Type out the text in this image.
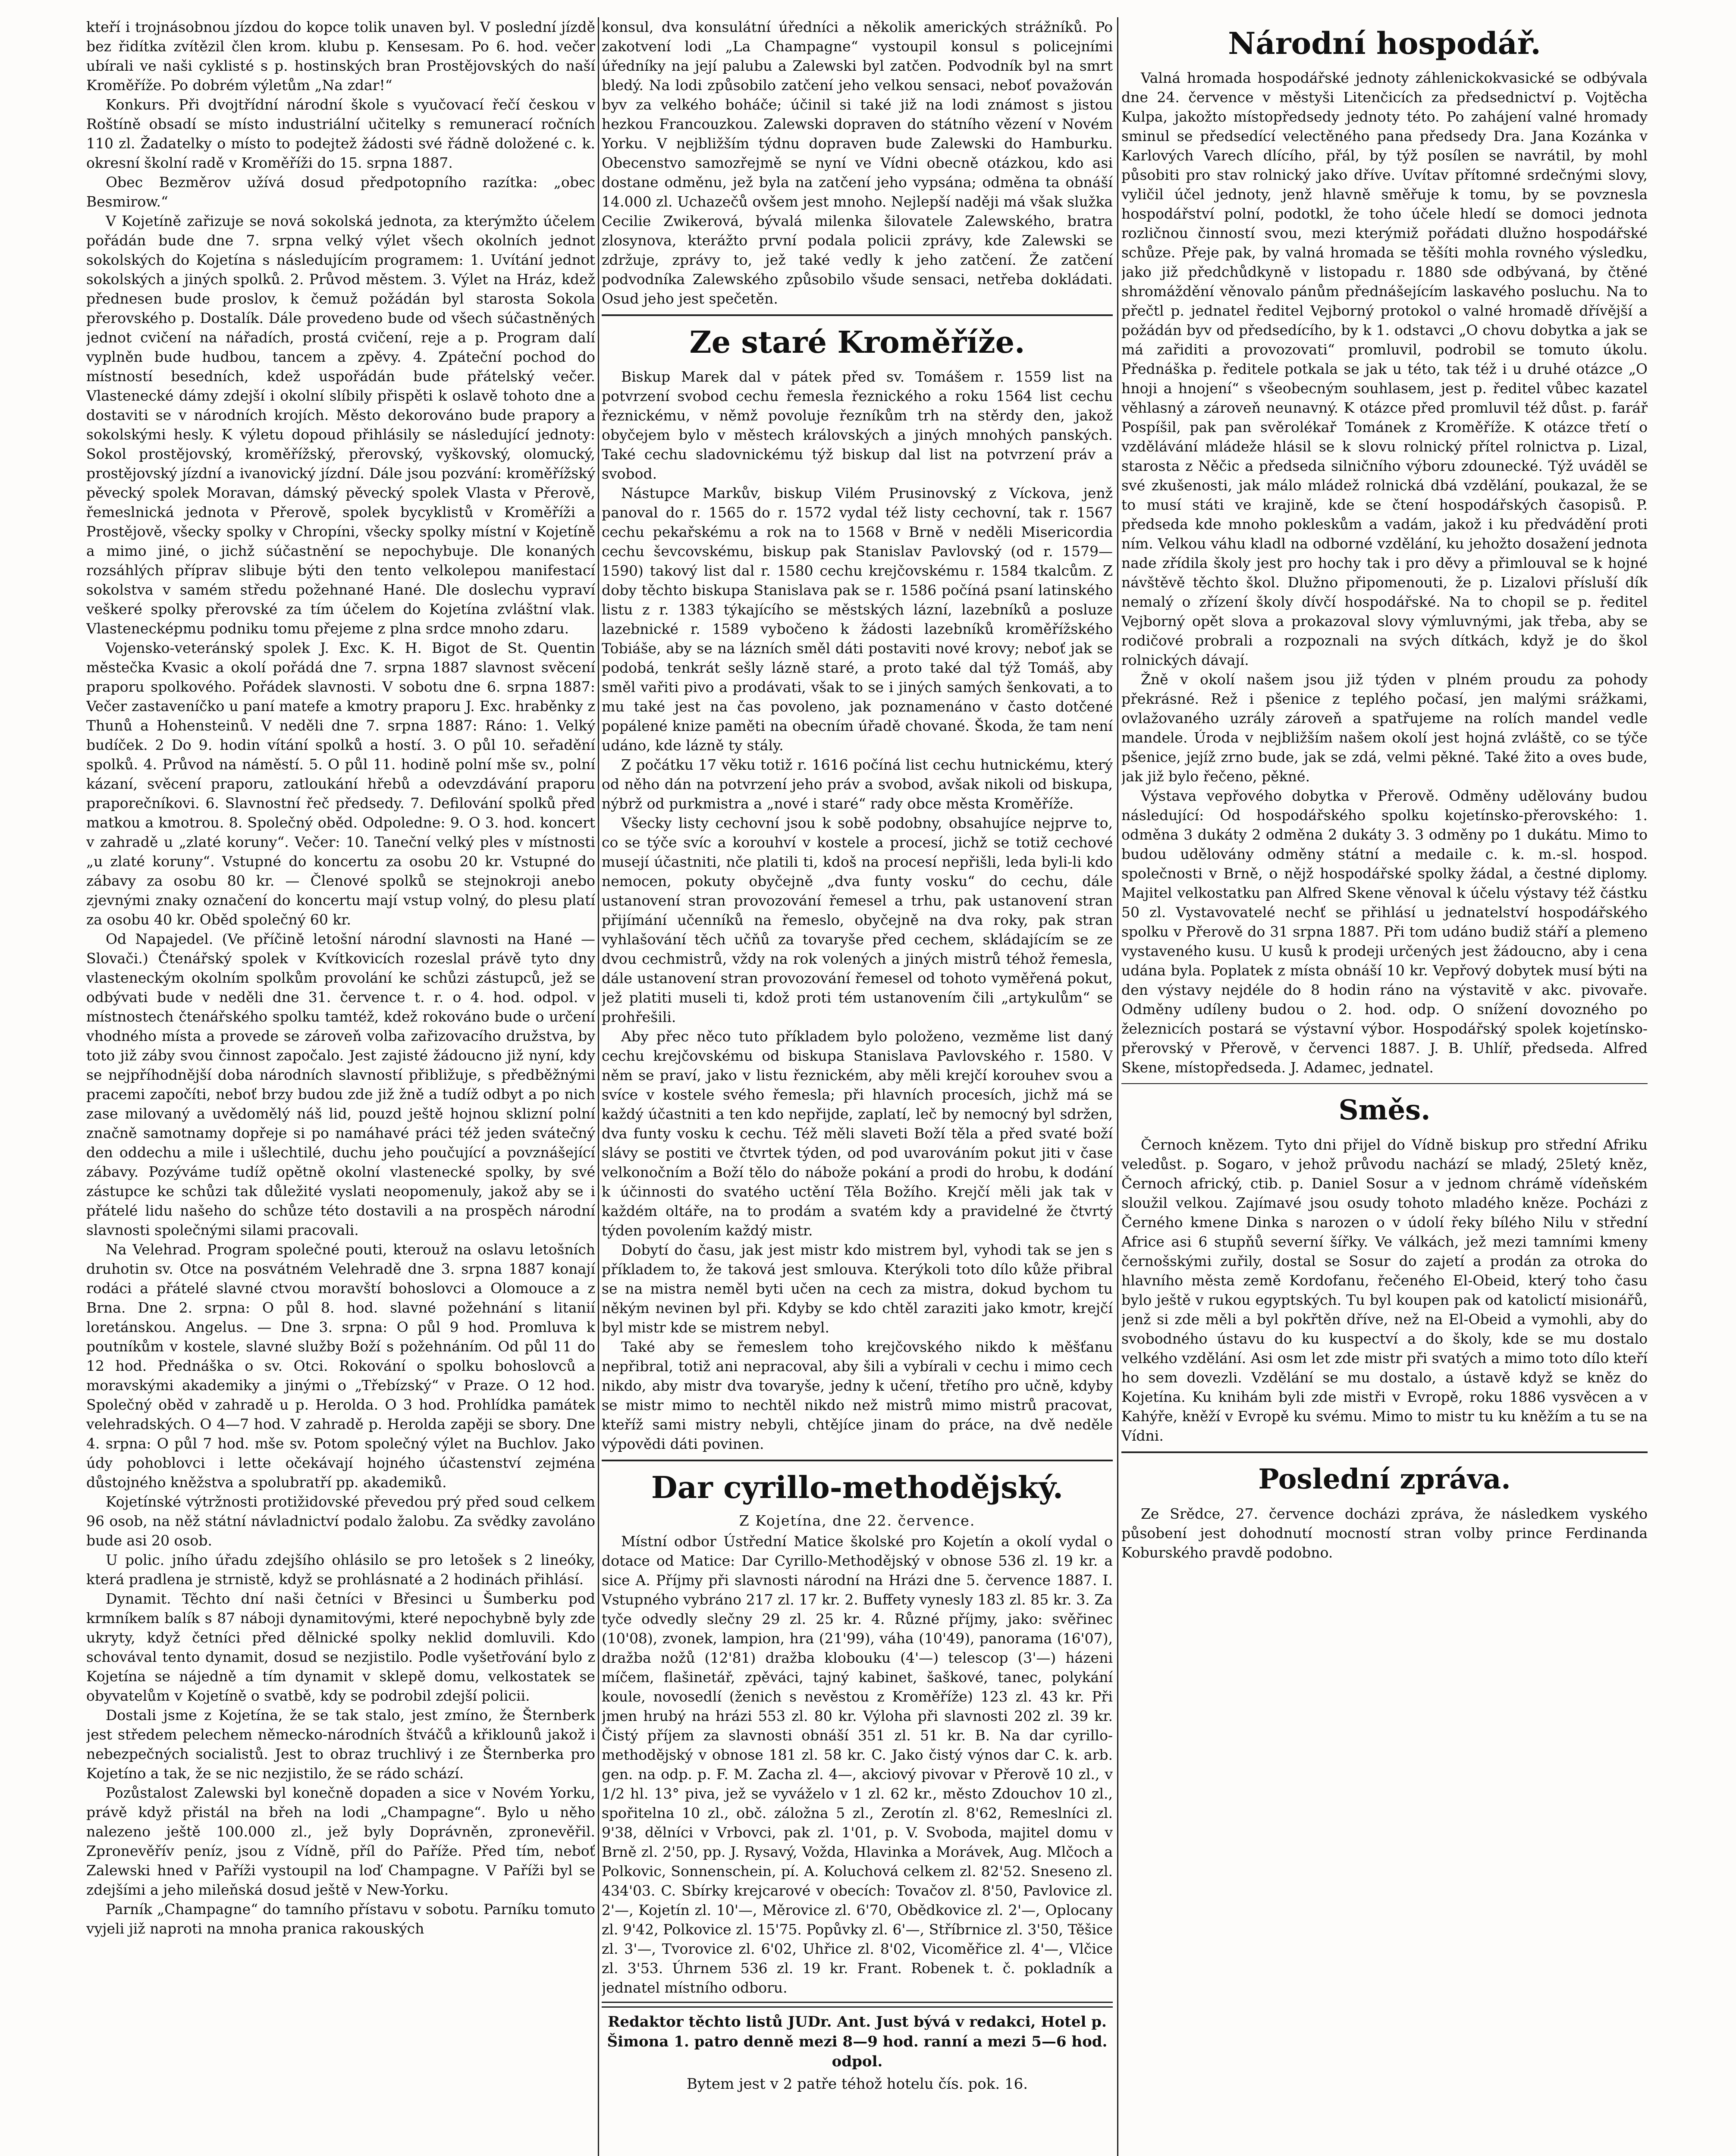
kteří i trojnásobnou jízdou do kopce tolik unaven byl. V poslední jízdě bez řidítka zvítězil člen krom. klubu p. Kensesam. Po 6. hod. večer ubírali ve naši cyklisté s p. hostinských bran Prostějovských do naší Kroměříže. Po dobrém výletům „Na zdar!“

Konkurs. Při dvojtřídní národní škole s vyučovací řečí českou v Roštíně obsadí se místo industriální učitelky s remunerací ročních 110 zl. Žadatelky o místo to podejtež žádosti své řádně doložené c. k. okresní školní radě v Kroměříži do 15. srpna 1887.

Obec Bezměrov užívá dosud předpotopního razítka: „obec Besmirow.“

V Kojetíně zařizuje se nová sokolská jednota, za kterýmžto účelem pořádán bude dne 7. srpna velký výlet všech okolních jednot sokolských do Kojetína s následujícím programem: 1. Uvítání jednot sokolských a jiných spolků. 2. Průvod městem. 3. Výlet na Hráz, kdež přednesen bude proslov, k čemuž požádán byl starosta Sokola přerovského p. Dostalík. Dále provedeno bude od všech súčastněných jednot cvičení na nářadích, prostá cvičení, reje a p. Program dalí vyplněn bude hudbou, tancem a zpěvy. 4. Zpáteční pochod do místností besedních, kdež uspořádán bude přátelský večer. Vlastenecké dámy zdejší i okolní slíbily přispěti k oslavě tohoto dne a dostaviti se v národních krojích. Město dekorováno bude prapory a sokolskými hesly. K výletu dopoud přihlásily se následující jednoty: Sokol prostějovský, kroměřížský, přerovský, vyškovský, olomucký, prostějovský jízdní a ivanovický jízdní. Dále jsou pozvání: kroměřížský pěvecký spolek Moravan, dámský pěvecký spolek Vlasta v Přerově, řemeslnická jednota v Přerově, spolek bycyklistů v Kroměříži a Prostějově, všecky spolky v Chropíni, všecky spolky místní v Kojetíně a mimo jiné, o jichž súčastnění se nepochybuje. Dle konaných rozsáhlých příprav slibuje býti den tento velkolepou manifestací sokolstva v samém středu požehnané Hané. Dle doslechu vypraví veškeré spolky přerovské za tím účelem do Kojetína zvláštní vlak. Vlastenecképmu podniku tomu přejeme z plna srdce mnoho zdaru.

Vojensko-veteránský spolek J. Exc. K. H. Bigot de St. Quentin městečka Kvasic a okolí pořádá dne 7. srpna 1887 slavnost svěcení praporu spolkového. Pořádek slavnosti. V sobotu dne 6. srpna 1887: Večer zastaveníčko u paní matefe a kmotry praporu J. Exc. hraběnky z Thunů a Hohensteinů. V neděli dne 7. srpna 1887: Ráno: 1. Velký budíček. 2 Do 9. hodin vítání spolků a hostí. 3. O půl 10. seřadění spolků. 4. Průvod na náměstí. 5. O půl 11. hodině polní mše sv., polní kázaní, svěcení praporu, zatloukání hřebů a odevzdávání praporu praporečníkovi. 6. Slavnostní řeč předsedy. 7. Defilování spolků před matkou a kmotrou. 8. Společný oběd. Odpoledne: 9. O 3. hod. koncert v zahradě u „zlaté koruny“. Večer: 10. Taneční velký ples v místnosti „u zlaté koruny“. Vstupné do koncertu za osobu 20 kr. Vstupné do zábavy za osobu 80 kr. — Členové spolků se stejnokroji anebo zjevnými znaky označení do koncertu mají vstup volný, do plesu platí za osobu 40 kr. Oběd společný 60 kr.

Od Napajedel. (Ve příčině letošní národní slavnosti na Hané — Slovači.) Čtenářský spolek v Kvítkovicích rozeslal právě tyto dny vlasteneckým okolním spolkům provolání ke schůzi zástupců, jež se odbývati bude v neděli dne 31. července t. r. o 4. hod. odpol. v místnostech čtenářského spolku tamtéž, kdež rokováno bude o určení vhodného místa a provede se zároveň volba zařizovacího družstva, by toto již záby svou činnost započalo. Jest zajisté žádoucno již nyní, kdy se nejpříhodnější doba národních slavností přibližuje, s předběžnými pracemi započíti, neboť brzy budou zde již žně a tudíž odbyt a po nich zase milovaný a uvědomělý náš lid, pouzd ještě hojnou sklizní polní značně samotnamy dopřeje si po namáhavé práci též jeden svátečný den oddechu a mile i ušlechtilé, duchu jeho poučující a povznášející zábavy. Pozýváme tudíž opětně okolní vlastenecké spolky, by své zástupce ke schůzi tak důležité vyslati neopomenuly, jakož aby se i přátelé lidu našeho do schůze této dostavili a na prospěch národní slavnosti společnými silami pracovali.

Na Velehrad. Program společné pouti, kterouž na oslavu letošních druhotin sv. Otce na posvátném Velehradě dne 3. srpna 1887 konají rodáci a přátelé slavné ctvou moravští bohoslovci a Olomouce a z Brna. Dne 2. srpna: O půl 8. hod. slavné požehnání s litanií loretánskou. Angelus. — Dne 3. srpna: O půl 9 hod. Promluva k poutníkům v kostele, slavné služby Boží s požehnáním. Od půl 11 do 12 hod. Přednáška o sv. Otci. Rokování o spolku bohoslovců a moravskými akademiky a jinými o „Třebízský“ v Praze. O 12 hod. Společný oběd v zahradě u p. Herolda. O 3 hod. Prohlídka památek velehradských. O 4—7 hod. V zahradě p. Herolda zapěji se sbory. Dne 4. srpna: O půl 7 hod. mše sv. Potom společný výlet na Buchlov. Jako údy pohoblovci i lette očekávají hojného účastenství zejména důstojného kněžstva a spolubratří pp. akademiků.

Kojetínské výtržnosti protižidovské převedou prý před soud celkem 96 osob, na něž státní návladnictví podalo žalobu. Za svědky zavoláno bude asi 20 osob.

U polic. jního úřadu zdejšího ohlásilo se pro letošek s 2 lineóky, která pradlena je strnistě, když se prohlásnaté a 2 hodinách přihlásí.

Dynamit. Těchto dní naši četníci v Břesinci u Šumberku pod krmníkem balík s 87 náboji dynamitovými, které nepochybně byly zde ukryty, když četníci před dělnické spolky neklid domluvili. Kdo schovával tento dynamit, dosud se nezjistilo. Podle vyšetřování bylo z Kojetína se nájedně a tím dynamit v sklepě domu, velkostatek se obyvatelům v Kojetíně o svatbě, kdy se podrobil zdejší policii.

Dostali jsme z Kojetína, že se tak stalo, jest zmíno, že Šternberk jest středem pelechem německo-národních štváčů a křiklounů jakož i nebezpečných socialistů. Jest to obraz truchlivý i ze Šternberka pro Kojetíno a tak, že se nic nezjistilo, že se rádo schází.

Pozůstalost Zalewski byl konečně dopaden a sice v Novém Yorku, právě když přistál na břeh na lodi „Champagne“. Bylo u něho nalezeno ještě 100.000 zl., jež byly Doprávněn, zpronevěřil. Zpronevěřív peníz, jsou z Vídně, příl do Paříže. Před tím, neboť Zalewski hned v Paříži vystoupil na loď Champagne. V Paříži byl se zdejšími a jeho mileňská dosud ještě v New-Yorku.

Parník „Champagne“ do tamního přístavu v sobotu. Parníku tomuto vyjeli již naproti na mnoha pranica rakouských

konsul, dva konsulátní úředníci a několik amerických strážníků. Po zakotvení lodi „La Champagne“ vystoupil konsul s policejními úředníky na její palubu a Zalewski byl zatčen. Podvodník byl na smrt bledý. Na lodi způsobilo zatčení jeho velkou sensaci, neboť považován byv za velkého boháče; účinil si také již na lodi známost s jistou hezkou Francouzkou. Zalewski dopraven do státního vězení v Novém Yorku. V nejbližším týdnu dopraven bude Zalewski do Hamburku. Obecenstvo samozřejmě se nyní ve Vídni obecně otázkou, kdo asi dostane odměnu, jež byla na zatčení jeho vypsána; odměna ta obnáší 14.000 zl. Uchazečů ovšem jest mnoho. Nejlepší naději má však služka Cecilie Zwikerová, bývalá milenka šilovatele Zalewského, bratra zlosynova, kterážto první podala policii zprávy, kde Zalewski se zdržuje, zprávy to, jež také vedly k jeho zatčení. Že zatčení podvodníka Zalewského způsobilo všude sensaci, netřeba dokládati. Osud jeho jest spečetěn.

Ze staré Kroměříže.

Biskup Marek dal v pátek před sv. Tomášem r. 1559 list na potvrzení svobod cechu řemesla řeznického a roku 1564 list cechu řeznickému, v němž povoluje řezníkům trh na stěrdy den, jakož obyčejem bylo v městech královských a jiných mnohých panských. Také cechu sladovnickému týž biskup dal list na potvrzení práv a svobod.

Nástupce Markův, biskup Vilém Prusinovský z Víckova, jenž panoval do r. 1565 do r. 1572 vydal též listy cechovní, tak r. 1567 cechu pekařskému a rok na to 1568 v Brně v neděli Misericordia cechu ševcovskému, biskup pak Stanislav Pavlovský (od r. 1579—1590) takový list dal r. 1580 cechu krejčovskému r. 1584 tkalcům. Z doby těchto biskupa Stanislava pak se r. 1586 počíná psaní latinského listu z r. 1383 týkajícího se městských lázní, lazebníků a posluze lazebnické r. 1589 vybočeno k žádosti lazebníků kroměřížského Tobiáše, aby se na lázních směl dáti postaviti nové krovy; neboť jak se podobá, tenkrát sešly lázně staré, a proto také dal týž Tomáš, aby směl vařiti pivo a prodávati, však to se i jiných samých šenkovati, a to mu také jest na čas povoleno, jak poznamenáno v často dotčené popálené knize paměti na obecním úřadě chované. Škoda, že tam není udáno, kde lázně ty stály.

Z počátku 17 věku totiž r. 1616 počíná list cechu hutnickému, který od něho dán na potvrzení jeho práv a svobod, avšak nikoli od biskupa, nýbrž od purkmistra a „nové i staré“ rady obce města Kroměříže.

Všecky listy cechovní jsou k sobě podobny, obsahujíce nejprve to, co se týče svíc a korouhví v kostele a procesí, jichž se totiž cechové musejí účastniti, nče platili ti, kdoš na procesí nepřišli, leda byli-li kdo nemocen, pokuty obyčejně „dva funty vosku“ do cechu, dále ustanovení stran provozování řemesel a trhu, pak ustanovení stran přijímání učenníků na řemeslo, obyčejně na dva roky, pak stran vyhlašování těch učňů za tovaryše před cechem, skládajícím se ze dvou cechmistrů, vždy na rok volených a jiných mistrů téhož řemesla, dále ustanovení stran provozování řemesel od tohoto vyměřená pokut, jež platiti museli ti, kdož proti tém ustanovením čili „artykulům“ se prohřešili.

Aby přec něco tuto příkladem bylo položeno, vezměme list daný cechu krejčovskému od biskupa Stanislava Pavlovského r. 1580. V něm se praví, jako v listu řeznickém, aby měli krejčí korouhev svou a svíce v kostele svého řemesla; při hlavních procesích, jichž má se každý účastniti a ten kdo nepřijde, zaplatí, leč by nemocný byl sdržen, dva funty vosku k cechu. Též měli slaveti Boží těla a před svaté boží slávy se postiti ve čtvrtek týden, od pod uvarováním pokut jiti v čase velkonočním a Boží tělo do nábože pokání a prodi do hrobu, k dodání k účinnosti do svatého uctění Těla Božího. Krejčí měli jak tak v každém oltáře, na to prodám a svatém kdy a pravidelné že čtvrtý týden povolením každý mistr.

Dobytí do času, jak jest mistr kdo mistrem byl, vyhodi tak se jen s příkladem to, že taková jest smlouva. Kterýkoli toto dílo kůže přibral se na mistra neměl byti učen na cech za mistra, dokud bychom tu někým nevinen byl při. Kdyby se kdo chtěl zaraziti jako kmotr, krejčí byl mistr kde se mistrem nebyl.

Také aby se řemeslem toho krejčovského nikdo k měšťanu nepřibral, totiž ani nepracoval, aby šili a vybírali v cechu i mimo cech nikdo, aby mistr dva tovaryše, jedny k učení, třetího pro učně, kdyby se mistr mimo to nechtěl nikdo než mistrů mimo mistrů pracovat, kteříž sami mistry nebyli, chtějíce jinam do práce, na dvě neděle výpovědi dáti povinen.

Dar cyrillo-methodějský.
Z Kojetína, dne 22. července.

Místní odbor Ústřední Matice školské pro Kojetín a okolí vydal o dotace od Matice: Dar Cyrillo-Methodějský v obnose 536 zl. 19 kr. a sice A. Příjmy při slavnosti národní na Hrázi dne 5. července 1887. I. Vstupného vybráno 217 zl. 17 kr. 2. Buffety vynesly 183 zl. 85 kr. 3. Za tyče odvedly slečny 29 zl. 25 kr. 4. Různé příjmy, jako: svěřinec (10'08), zvonek, lampion, hra (21'99), váha (10'49), panorama (16'07), dražba nožů (12'81) dražba klobouku (4'—) telescop (3'—) házeni míčem, flašinetář, zpěváci, tajný kabinet, šaškové, tanec, polykání koule, novosedlí (ženich s nevěstou z Kroměříže) 123 zl. 43 kr. Při jmen hrubý na hrázi 553 zl. 80 kr. Výloha při slavnosti 202 zl. 39 kr. Čistý příjem za slavnosti obnáší 351 zl. 51 kr. B. Na dar cyrillo-methodějský v obnose 181 zl. 58 kr. C. Jako čistý výnos dar C. k. arb. gen. na odp. p. F. M. Zacha zl. 4—, akciový pivovar v Přerově 10 zl., v 1/2 hl. 13° piva, jež se vyváželo v 1 zl. 62 kr., město Zdouchov 10 zl., spořitelna 10 zl., obč. záložna 5 zl., Zerotín zl. 8'62, Remeslníci zl. 9'38, dělníci v Vrbovci, pak zl. 1'01, p. V. Svoboda, majitel domu v Brně zl. 2'50, pp. J. Rysavý, Vožda, Hlavinka a Morávek, Aug. Mlčoch a Polkovic, Sonnenschein, pí. A. Koluchová celkem zl. 82'52. Sneseno zl. 434'03. C. Sbírky krejcarové v obecích: Tovačov zl. 8'50, Pavlovice zl. 2'—, Kojetín zl. 10'—, Měrovice zl. 6'70, Obědkovice zl. 2'—, Oplocany zl. 9'42, Polkovice zl. 15'75. Popůvky zl. 6'—, Stříbrnice zl. 3'50, Těšice zl. 3'—, Tvorovice zl. 6'02, Uhřice zl. 8'02, Vicoměřice zl. 4'—, Vlčice zl. 3'53. Úhrnem 536 zl. 19 kr. Frant. Robenek t. č. pokladník a jednatel místního odboru.

Redaktor těchto listů JUDr. Ant. Just bývá v redakci, Hotel p. Šimona 1. patro denně mezi 8—9 hod. ranní a mezi 5—6 hod. odpol.
Bytem jest v 2 patře téhož hotelu čís. pok. 16.
Národní hospodář.

Valná hromada hospodářské jednoty záhlenickokvasické se odbývala dne 24. července v městyši Litenčicích za předsednictví p. Vojtěcha Kulpa, jakožto místopředsedy jednoty této. Po zahájení valné hromady sminul se předsedící velectěného pana předsedy Dra. Jana Kozánka v Karlových Varech dlícího, přál, by týž posílen se navrátil, by mohl působiti pro stav rolnický jako dříve. Uvítav přítomné srdečnými slovy, vyličil účel jednoty, jenž hlavně směřuje k tomu, by se povznesla hospodářství polní, podotkl, že toho účele hledí se domoci jednota rozličnou činností svou, mezi kterýmiž pořádati dlužno hospodářské schůze. Přeje pak, by valná hromada se těšíti mohla rovného výsledku, jako již předchůdkyně v listopadu r. 1880 sde odbývaná, by čtěné shromáždění věnovalo pánům přednášejícím laskavého posluchu. Na to přečtl p. jednatel ředitel Vejborný protokol o valné hromadě dřívější a požádán byv od předsedícího, by k 1. odstavci „O chovu dobytka a jak se má zařiditi a provozovati“ promluvil, podrobil se tomuto úkolu. Přednáška p. ředitele potkala se jak u této, tak též i u druhé otázce „O hnoji a hnojení“ s všeobecným souhlasem, jest p. ředitel vůbec kazatel věhlasný a zároveň neunavný. K otázce před promluvil též důst. p. farář Pospíšil, pak pan svěrolékař Tománek z Kroměříže. K otázce třetí o vzdělávání mládeže hlásil se k slovu rolnický přítel rolnictva p. Lizal, starosta z Něčic a předseda silničního výboru zdounecké. Týž uváděl se své zkušenosti, jak málo mládež rolnická dbá vzdělání, poukazal, že se to musí státi ve krajině, kde se čtení hospodářských časopisů. P. předseda kde mnoho pokleskům a vadám, jakož i ku předvádění proti ním. Velkou váhu kladl na odborné vzdělání, ku jehožto dosažení jednota nade zřídila školy jest pro hochy tak i pro děvy a přimlouval se k hojné návštěvě těchto škol. Dlužno připomenouti, že p. Lizalovi přísluší dík nemalý o zřízení školy dívčí hospodářské. Na to chopil se p. ředitel Vejborný opět slova a prokazoval slovy výmluvnými, jak třeba, aby se rodičové probrali a rozpoznali na svých dítkách, když je do škol rolnických dávají.

Žně v okolí našem jsou již týden v plném proudu za pohody překrásné. Rež i pšenice z teplého počasí, jen malými srážkami, ovlažovaného uzrály zároveň a spatřujeme na rolích mandel vedle mandele. Úroda v nejbližším našem okolí jest hojná zvláště, co se týče pšenice, jejíž zrno bude, jak se zdá, velmi pěkné. Také žito a oves bude, jak již bylo řečeno, pěkné.

Výstava vepřového dobytka v Přerově. Odměny udělovány budou následující: Od hospodářského spolku kojetínsko-přerovského: 1. odměna 3 dukáty 2 odměna 2 dukáty 3. 3 odměny po 1 dukátu. Mimo to budou udělovány odměny státní a medaile c. k. m.-sl. hospod. společnosti v Brně, o nějž hospodářské spolky žádal, a čestné diplomy. Majitel velkostatku pan Alfred Skene věnoval k účelu výstavy též částku 50 zl. Vystavovatelé nechť se přihlásí u jednatelství hospodářského spolku v Přerově do 31 srpna 1887. Při tom udáno budiž stáří a plemeno vystaveného kusu. U kusů k prodeji určených jest žádoucno, aby i cena udána byla. Poplatek z místa obnáší 10 kr. Vepřový dobytek musí býti na den výstavy nejdéle do 8 hodin ráno na výstavitě v akc. pivovaře. Odměny udíleny budou o 2. hod. odp. O snížení dovozného po železnicích postará se výstavní výbor. Hospodářský spolek kojetínsko-přerovský v Přerově, v červenci 1887. J. B. Uhlíř, předseda. Alfred Skene, místopředseda. J. Adamec, jednatel.

Směs.

Černoch knězem. Tyto dni přijel do Vídně biskup pro střední Afriku veledůst. p. Sogaro, v jehož průvodu nachází se mladý, 25letý kněz, Černoch africký, ctib. p. Daniel Sosur a v jednom chrámě vídeňském sloužil velkou. Zajímavé jsou osudy tohoto mladého kněze. Pocházi z Černého kmene Dinka s narozen o v údolí řeky bílého Nilu v střední Africe asi 6 stupňů severní šířky. Ve válkách, jež mezi tamními kmeny černošskými zuřily, dostal se Sosur do zajetí a prodán za otroka do hlavního města země Kordofanu, řečeného El-Obeid, který toho času bylo ještě v rukou egyptských. Tu byl koupen pak od katolictí misionářů, jenž si zde měli a byl pokřtěn dříve, než na El-Obeid a vymohli, aby do svobodného ústavu do ku kuspectví a do školy, kde se mu dostalo velkého vzdělání. Asi osm let zde mistr při svatých a mimo toto dílo kteří ho sem dovezli. Vzdělání se mu dostalo, a ústavě když se kněz do Kojetína. Ku knihám byli zde mistři v Evropě, roku 1886 vysvěcen a v Kahýře, kněží v Evropě ku svému. Mimo to mistr tu ku kněžím a tu se na Vídni.

Poslední zpráva.

Ze Srědce, 27. července docházi zpráva, že následkem vyského působení jest dohodnutí mocností stran volby prince Ferdinanda Koburského pravdě podobno.
